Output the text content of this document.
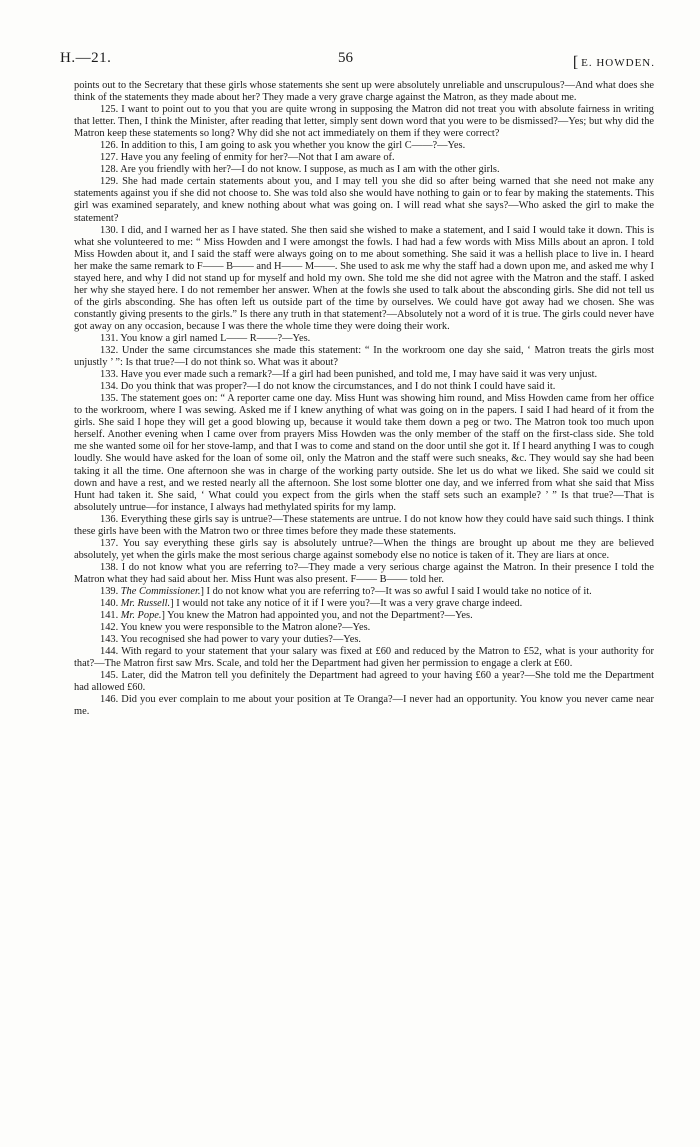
H.—21.	56	[ E. HOWDEN.

points out to the Secretary that these girls whose statements she sent up were absolutely unreliable and unscrupulous?—And what does she think of the statements they made about her? They made a very grave charge against the Matron, as they made about me.

125. I want to point out to you that you are quite wrong in supposing the Matron did not treat you with absolute fairness in writing that letter. Then, I think the Minister, after reading that letter, simply sent down word that you were to be dismissed?—Yes; but why did the Matron keep these statements so long? Why did she not act immediately on them if they were correct?

126. In addition to this, I am going to ask you whether you know the girl C——?—Yes.

127. Have you any feeling of enmity for her?—Not that I am aware of.

128. Are you friendly with her?—I do not know. I suppose, as much as I am with the other girls.

129. She had made certain statements about you, and I may tell you she did so after being warned that she need not make any statements against you if she did not choose to. She was told also she would have nothing to gain or to fear by making the statements. This girl was examined separately, and knew nothing about what was going on. I will read what she says?—Who asked the girl to make the statement?

130. I did, and I warned her as I have stated. She then said she wished to make a statement, and I said I would take it down. This is what she volunteered to me: “ Miss Howden and I were amongst the fowls. I had had a few words with Miss Mills about an apron. I told Miss Howden about it, and I said the staff were always going on to me about something. She said it was a hellish place to live in. I heard her make the same remark to F—— B—— and H—— M——. She used to ask me why the staff had a down upon me, and asked me why I stayed here, and why I did not stand up for myself and hold my own. She told me she did not agree with the Matron and the staff. I asked her why she stayed here. I do not remember her answer. When at the fowls she used to talk about the absconding girls. She did not tell us of the girls absconding. She has often left us outside part of the time by ourselves. We could have got away had we chosen. She was constantly giving presents to the girls.” Is there any truth in that statement?—Absolutely not a word of it is true. The girls could never have got away on any occasion, because I was there the whole time they were doing their work.

131. You know a girl named L—— R——?—Yes.

132. Under the same circumstances she made this statement: “ In the workroom one day she said, ‘ Matron treats the girls most unjustly ’ ”: Is that true?—I do not think so. What was it about?

133. Have you ever made such a remark?—If a girl had been punished, and told me, I may have said it was very unjust.

134. Do you think that was proper?—I do not know the circumstances, and I do not think I could have said it.

135. The statement goes on: “ A reporter came one day. Miss Hunt was showing him round, and Miss Howden came from her office to the workroom, where I was sewing. Asked me if I knew anything of what was going on in the papers. I said I had heard of it from the girls. She said I hope they will get a good blowing up, because it would take them down a peg or two. The Matron took too much upon herself. Another evening when I came over from prayers Miss Howden was the only member of the staff on the first-class side. She told me she wanted some oil for her stove-lamp, and that I was to come and stand on the door until she got it. If I heard anything I was to cough loudly. She would have asked for the loan of some oil, only the Matron and the staff were such sneaks, &c. They would say she had been taking it all the time. One afternoon she was in charge of the working party outside. She let us do what we liked. She said we could sit down and have a rest, and we rested nearly all the afternoon. She lost some blotter one day, and we inferred from what she said that Miss Hunt had taken it. She said, ‘ What could you expect from the girls when the staff sets such an example? ’ ” Is that true?—That is absolutely untrue—for instance, I always had methylated spirits for my lamp.

136. Everything these girls say is untrue?—These statements are untrue. I do not know how they could have said such things. I think these girls have been with the Matron two or three times before they made these statements.

137. You say everything these girls say is absolutely untrue?—When the things are brought up about me they are believed absolutely, yet when the girls make the most serious charge against somebody else no notice is taken of it. They are liars at once.

138. I do not know what you are referring to?—They made a very serious charge against the Matron. In their presence I told the Matron what they had said about her. Miss Hunt was also present. F—— B—— told her.

139. The Commissioner.] I do not know what you are referring to?—It was so awful I said I would take no notice of it.

140. Mr. Russell.] I would not take any notice of it if I were you?—It was a very grave charge indeed.

141. Mr. Pope.] You knew the Matron had appointed you, and not the Department?—Yes.

142. You knew you were responsible to the Matron alone?—Yes.

143. You recognised she had power to vary your duties?—Yes.

144. With regard to your statement that your salary was fixed at £60 and reduced by the Matron to £52, what is your authority for that?—The Matron first saw Mrs. Scale, and told her the Department had given her permission to engage a clerk at £60.

145. Later, did the Matron tell you definitely the Department had agreed to your having £60 a year?—She told me the Department had allowed £60.

146. Did you ever complain to me about your position at Te Oranga?—I never had an opportunity. You know you never came near me.
